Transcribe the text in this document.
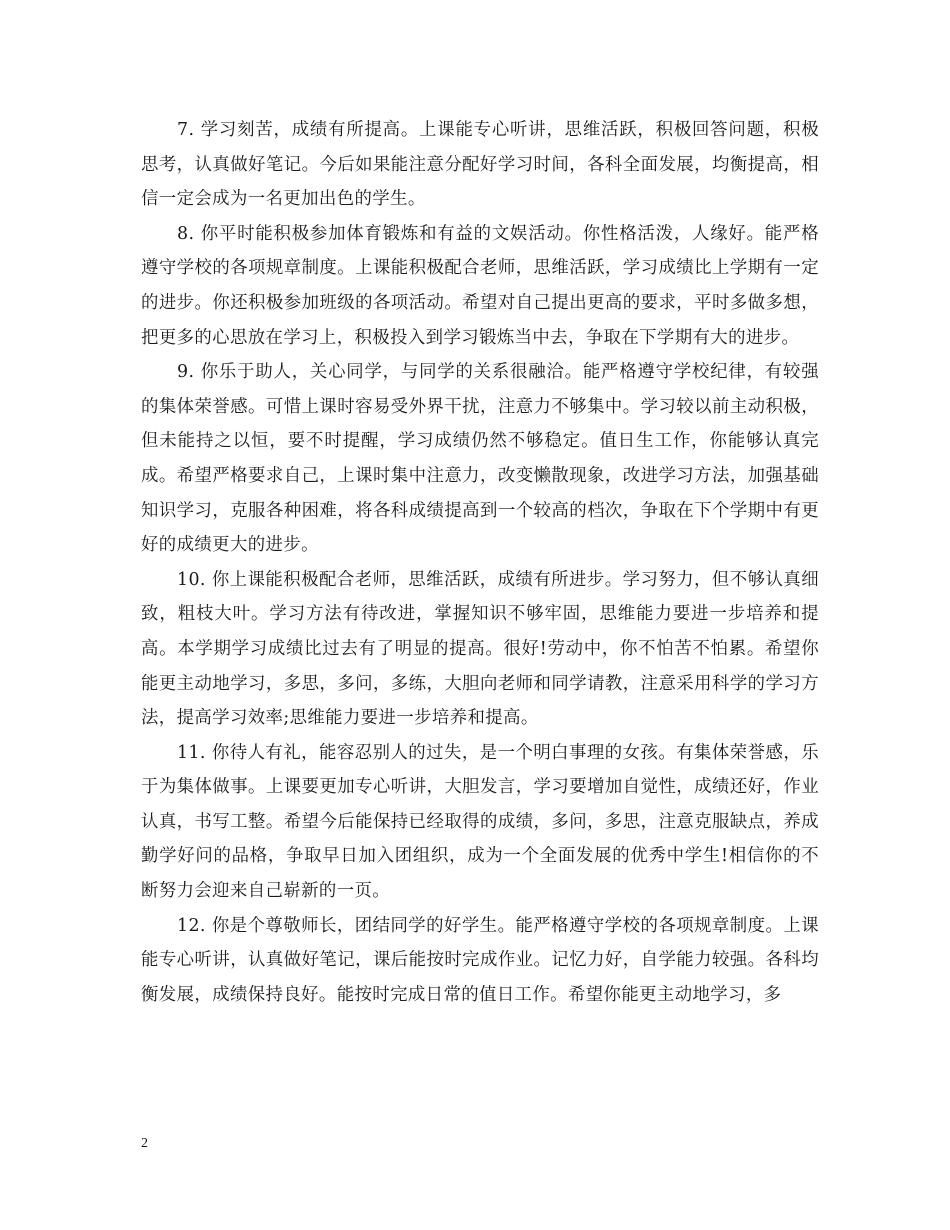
7. 学习刻苦，成绩有所提高。上课能专心听讲，思维活跃，积极回答问题，积极思考，认真做好笔记。今后如果能注意分配好学习时间，各科全面发展，均衡提高，相信一定会成为一名更加出色的学生。

8. 你平时能积极参加体育锻炼和有益的文娱活动。你性格活泼，人缘好。能严格遵守学校的各项规章制度。上课能积极配合老师，思维活跃，学习成绩比上学期有一定的进步。你还积极参加班级的各项活动。希望对自己提出更高的要求，平时多做多想，把更多的心思放在学习上，积极投入到学习锻炼当中去，争取在下学期有大的进步。

9. 你乐于助人，关心同学，与同学的关系很融洽。能严格遵守学校纪律，有较强的集体荣誉感。可惜上课时容易受外界干扰，注意力不够集中。学习较以前主动积极，但未能持之以恒，要不时提醒，学习成绩仍然不够稳定。值日生工作，你能够认真完成。希望严格要求自己，上课时集中注意力，改变懒散现象，改进学习方法，加强基础知识学习，克服各种困难，将各科成绩提高到一个较高的档次，争取在下个学期中有更好的成绩更大的进步。

10. 你上课能积极配合老师，思维活跃，成绩有所进步。学习努力，但不够认真细致，粗枝大叶。学习方法有待改进，掌握知识不够牢固，思维能力要进一步培养和提高。本学期学习成绩比过去有了明显的提高。很好!劳动中，你不怕苦不怕累。希望你能更主动地学习，多思，多问，多练，大胆向老师和同学请教，注意采用科学的学习方法，提高学习效率;思维能力要进一步培养和提高。

11. 你待人有礼，能容忍别人的过失，是一个明白事理的女孩。有集体荣誉感，乐于为集体做事。上课要更加专心听讲，大胆发言，学习要增加自觉性，成绩还好，作业认真，书写工整。希望今后能保持已经取得的成绩，多问，多思，注意克服缺点，养成勤学好问的品格，争取早日加入团组织，成为一个全面发展的优秀中学生!相信你的不断努力会迎来自己崭新的一页。

12. 你是个尊敬师长，团结同学的好学生。能严格遵守学校的各项规章制度。上课能专心听讲，认真做好笔记，课后能按时完成作业。记忆力好，自学能力较强。各科均衡发展，成绩保持良好。能按时完成日常的值日工作。希望你能更主动地学习，多

2
